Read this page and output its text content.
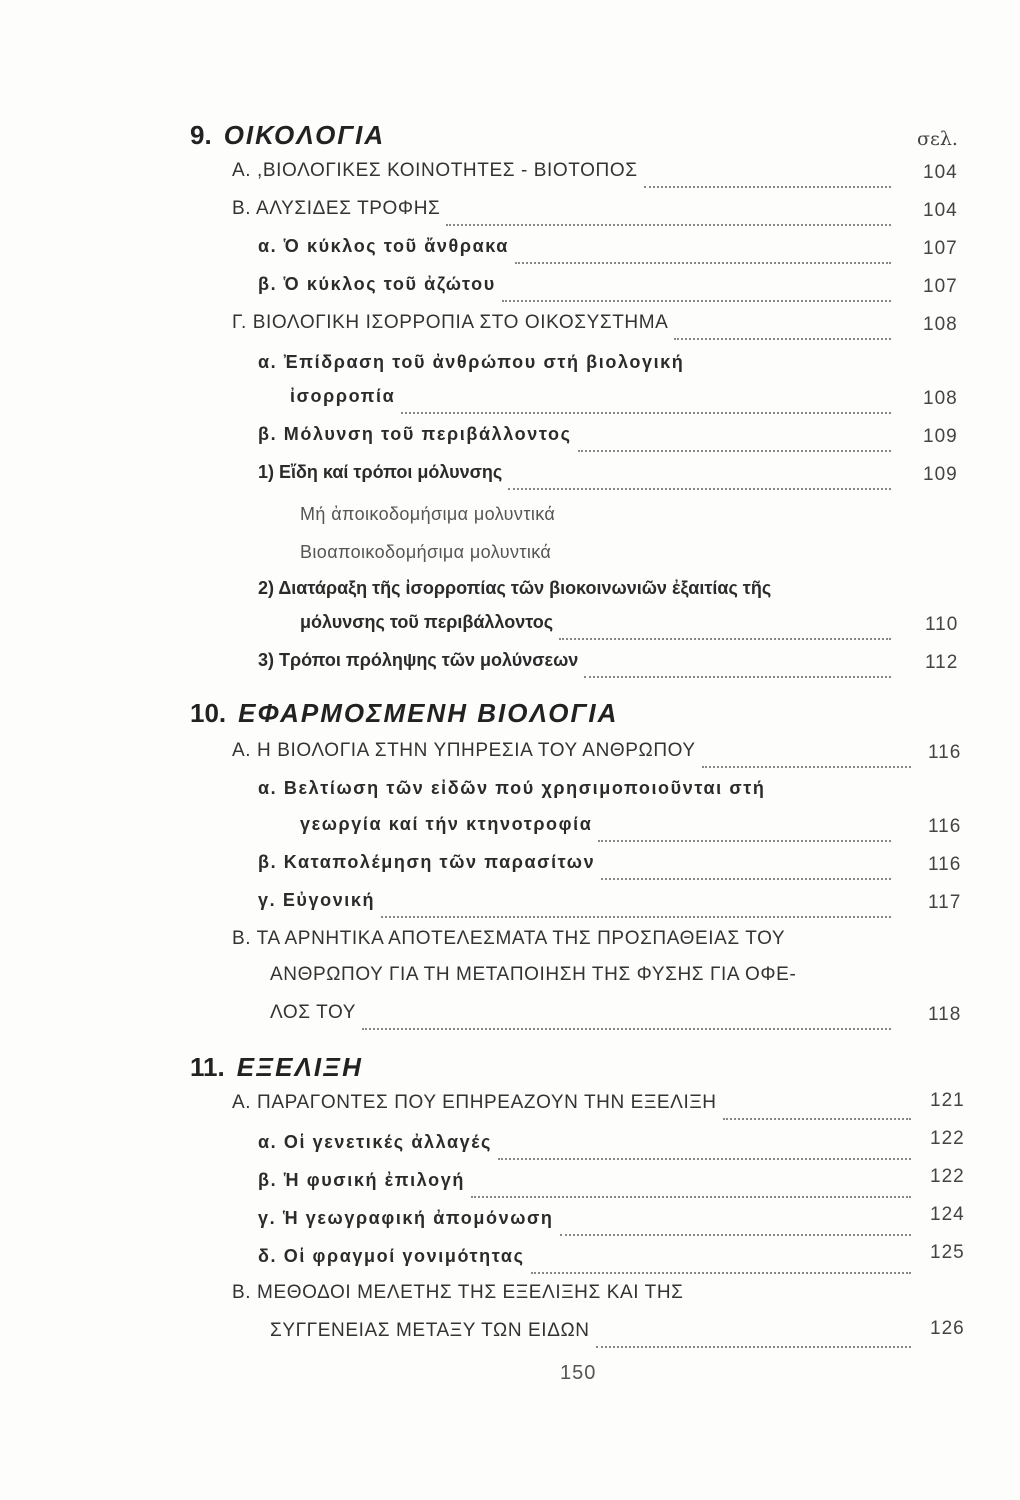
9. ΟΙΚΟΛΟΓΙΑ	σελ.
Α. ,ΒΙΟΛΟΓΙΚΕΣ ΚΟΙΝΟΤΗΤΕΣ - ΒΙΟΤΟΠΟΣ	104
Β. ΑΛΥΣΙΔΕΣ ΤΡΟΦΗΣ	104
α. Ὁ κύκλος τοῦ ἄνθρακα	107
β. Ὁ κύκλος τοῦ ἀζώτου	107
Γ. ΒΙΟΛΟΓΙΚΗ ΙΣΟΡΡΟΠΙΑ ΣΤΟ ΟΙΚΟΣΥΣΤΗΜΑ	108
α. Ἐπίδραση τοῦ ἀνθρώπου στή βιολογική
ἰσορροπία	108
β. Μόλυνση τοῦ περιβάλλοντος	109
1) Εἴδη καί τρόποι μόλυνσης	109
Μή ἀποικοδομήσιμα μολυντικά
Βιοαποικοδομήσιμα μολυντικά
2) Διατάραξη τῆς ἰσορροπίας τῶν βιοκοινωνιῶν ἐξαιτίας τῆς
μόλυνσης τοῦ περιβάλλοντος	110
3) Τρόποι πρόληψης τῶν μολύνσεων	112
10. ΕΦΑΡΜΟΣΜΕΝΗ ΒΙΟΛΟΓΙΑ
Α. Η ΒΙΟΛΟΓΙΑ ΣΤΗΝ ΥΠΗΡΕΣΙΑ ΤΟΥ ΑΝΘΡΩΠΟΥ	116
α. Βελτίωση τῶν εἰδῶν πού χρησιμοποιοῦνται στή
γεωργία καί τήν κτηνοτροφία	116
β. Καταπολέμηση τῶν παρασίτων	116
γ. Εὐγονική	117
Β. ΤΑ ΑΡΝΗΤΙΚΑ ΑΠΟΤΕΛΕΣΜΑΤΑ ΤΗΣ ΠΡΟΣΠΑΘΕΙΑΣ ΤΟΥ
ΑΝΘΡΩΠΟΥ ΓΙΑ ΤΗ ΜΕΤΑΠΟΙΗΣΗ ΤΗΣ ΦΥΣΗΣ ΓΙΑ ΟΦΕ-
ΛΟΣ ΤΟΥ	118
11. ΕΞΕΛΙΞΗ
Α. ΠΑΡΑΓΟΝΤΕΣ ΠΟΥ ΕΠΗΡΕΑΖΟΥΝ ΤΗΝ ΕΞΕΛΙΞΗ	121
α. Οἱ γενετικές ἀλλαγές	122
β. Ἡ φυσική ἐπιλογή	122
γ. Ἡ γεωγραφική ἀπομόνωση	124
δ. Οἱ φραγμοί γονιμότητας	125
Β. ΜΕΘΟΔΟΙ ΜΕΛΕΤΗΣ ΤΗΣ ΕΞΕΛΙΞΗΣ ΚΑΙ ΤΗΣ
ΣΥΓΓΕΝΕΙΑΣ ΜΕΤΑΞΥ ΤΩΝ ΕΙΔΩΝ	126
150
